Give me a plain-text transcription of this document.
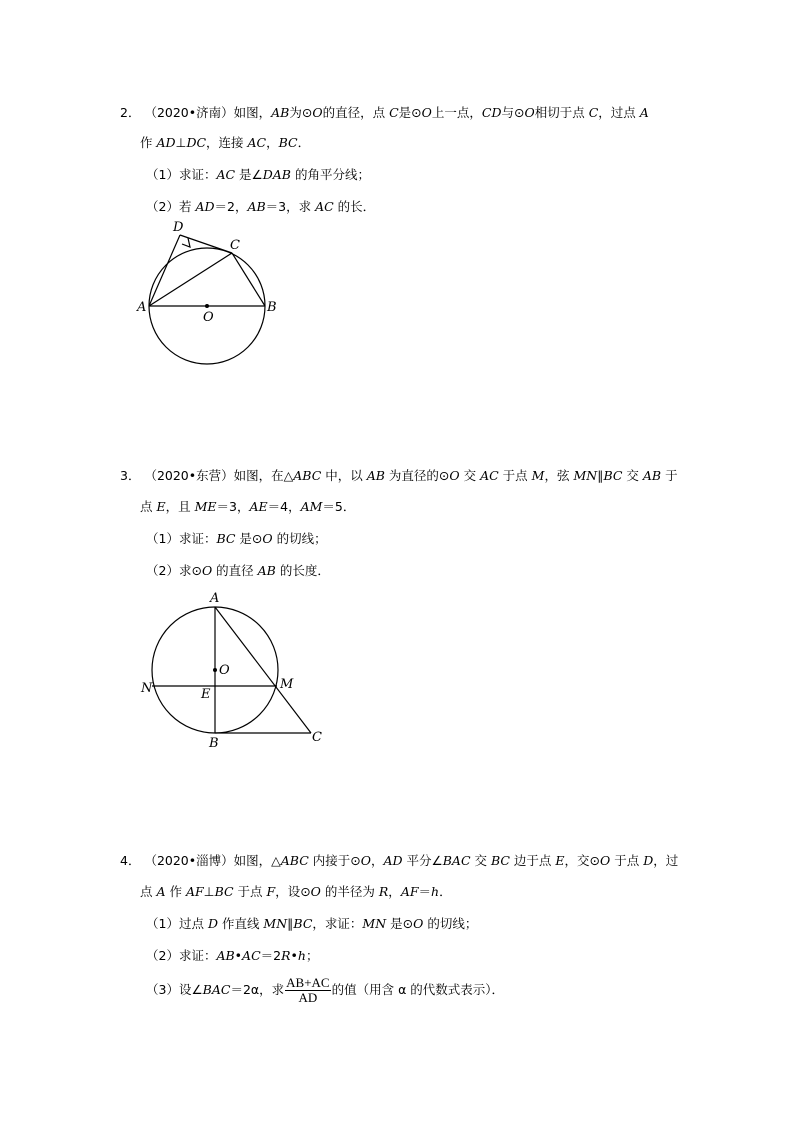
2． （2020•济南）如图，AB为⊙O的直径，点 C是⊙O上一点，CD与⊙O相切于点 C，过点 A
作 AD⊥DC，连接 AC，BC．
（1）求证：AC 是∠DAB 的角平分线；
（2）若 AD＝2，AB＝3，求 AC 的长．
D
C
A	B
O
3． （2020•东营）如图，在△ABC 中，以 AB 为直径的⊙O 交 AC 于点 M，弦 MN∥BC 交 AB 于
点 E，且 ME＝3，AE＝4，AM＝5．
（1）求证：BC 是⊙O 的切线；
（2）求⊙O 的直径 AB 的长度．
A
O
N	E
M
B	C
4． （2020•淄博）如图，△ABC 内接于⊙O，AD 平分∠BAC 交 BC 边于点 E，交⊙O 于点 D，过
点 A 作 AF⊥BC 于点 F，设⊙O 的半径为 R，AF＝h．
（1）过点 D 作直线 MN∥BC，求证：MN 是⊙O 的切线；
（2）求证：AB•AC＝2R•h；
（3）设∠BAC＝2α，求 $\frac{AB+AC}{AD}$ 的值（用含 α 的代数式表示）．
